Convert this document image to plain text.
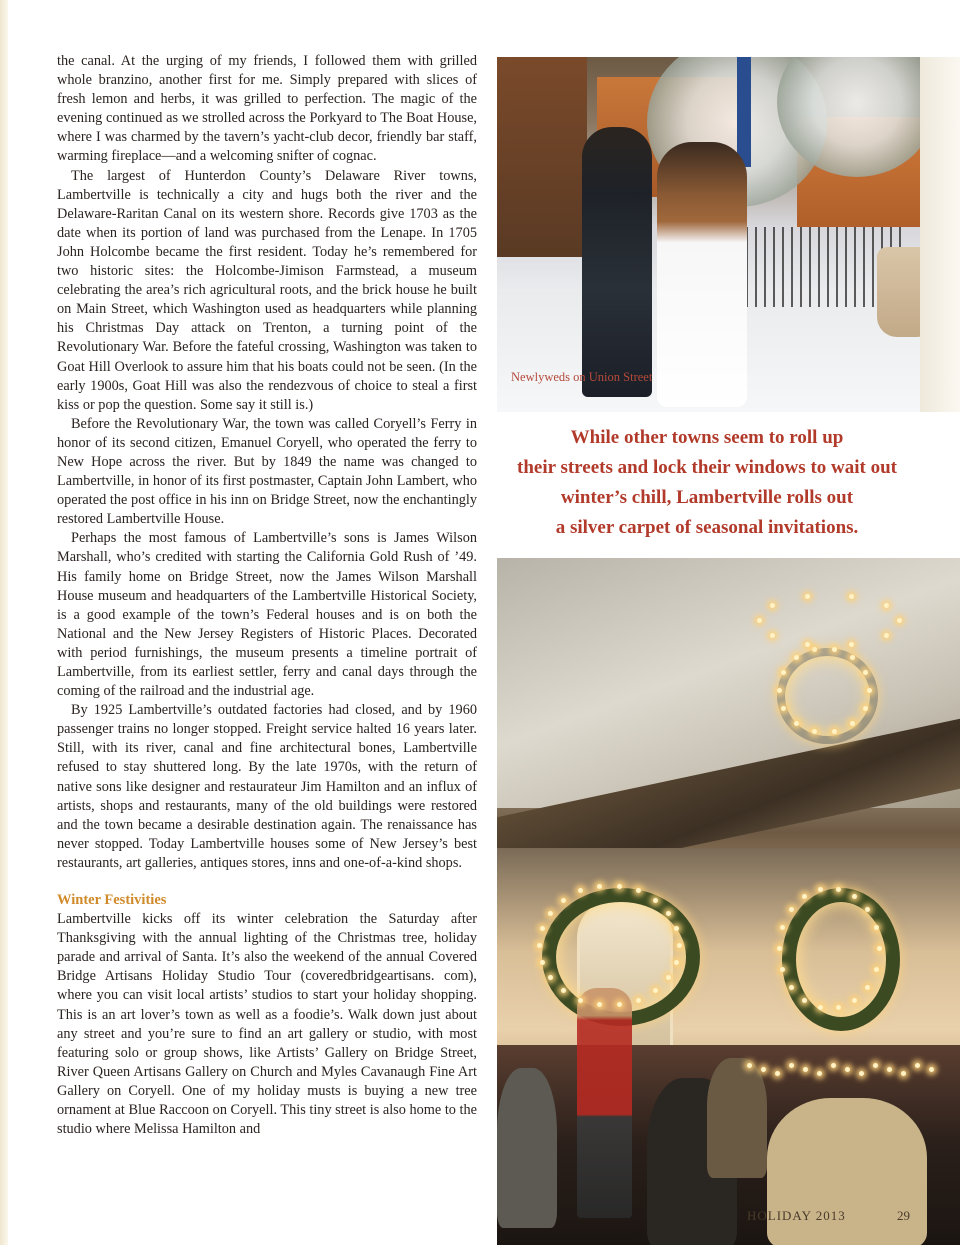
the canal. At the urging of my friends, I followed them with grilled whole branzino, another first for me. Simply prepared with slices of fresh lemon and herbs, it was grilled to perfection. The magic of the evening continued as we strolled across the Porkyard to The Boat House, where I was charmed by the tavern’s yacht-club decor, friendly bar staff, warming fireplace—and a welcoming snifter of cognac.

The largest of Hunterdon County’s Delaware River towns, Lambertville is technically a city and hugs both the river and the Delaware-Raritan Canal on its western shore. Records give 1703 as the date when its portion of land was purchased from the Lenape. In 1705 John Holcombe became the first resident. Today he’s remembered for two historic sites: the Holcombe-Jimison Farmstead, a museum celebrating the area’s rich agricultural roots, and the brick house he built on Main Street, which Washington used as headquarters while planning his Christmas Day attack on Trenton, a turning point of the Revolutionary War. Before the fateful crossing, Washington was taken to Goat Hill Overlook to assure him that his boats could not be seen. (In the early 1900s, Goat Hill was also the rendezvous of choice to steal a first kiss or pop the question. Some say it still is.)

Before the Revolutionary War, the town was called Coryell’s Ferry in honor of its second citizen, Emanuel Coryell, who operated the ferry to New Hope across the river. But by 1849 the name was changed to Lambertville, in honor of its first postmaster, Captain John Lambert, who operated the post office in his inn on Bridge Street, now the enchantingly restored Lambertville House.

Perhaps the most famous of Lambertville’s sons is James Wilson Marshall, who’s credited with starting the California Gold Rush of ’49. His family home on Bridge Street, now the James Wilson Marshall House museum and headquarters of the Lambertville Historical Society, is a good example of the town’s Federal houses and is on both the National and the New Jersey Registers of Historic Places. Decorated with period furnishings, the museum presents a timeline portrait of Lambertville, from its earliest settler, ferry and canal days through the coming of the railroad and the industrial age.

By 1925 Lambertville’s outdated factories had closed, and by 1960 passenger trains no longer stopped. Freight service halted 16 years later. Still, with its river, canal and fine architectural bones, Lambertville refused to stay shuttered long. By the late 1970s, with the return of native sons like designer and restaurateur Jim Hamilton and an influx of artists, shops and restaurants, many of the old buildings were restored and the town became a desirable destination again. The renaissance has never stopped. Today Lambertville houses some of New Jersey’s best restaurants, art galleries, antiques stores, inns and one-of-a-kind shops.

Winter Festivities

Lambertville kicks off its winter celebration the Saturday after Thanksgiving with the annual lighting of the Christmas tree, holiday parade and arrival of Santa. It’s also the weekend of the annual Covered Bridge Artisans Holiday Studio Tour (coveredbridgeartisans. com), where you can visit local artists’ studios to start your holiday shopping. This is an art lover’s town as well as a foodie’s. Walk down just about any street and you’re sure to find an art gallery or studio, with most featuring solo or group shows, like Artists’ Gallery on Bridge Street, River Queen Artisans Gallery on Church and Myles Cavanaugh Fine Art Gallery on Coryell. One of my holiday musts is buying a new tree ornament at Blue Raccoon on Coryell. This tiny street is also home to the studio where Melissa Hamilton and

Newlyweds on Union Street
While other towns seem to roll up
their streets and lock their windows to wait out
winter’s chill, Lambertville rolls out
a silver carpet of seasonal invitations.
HOLIDAY 2013	29
